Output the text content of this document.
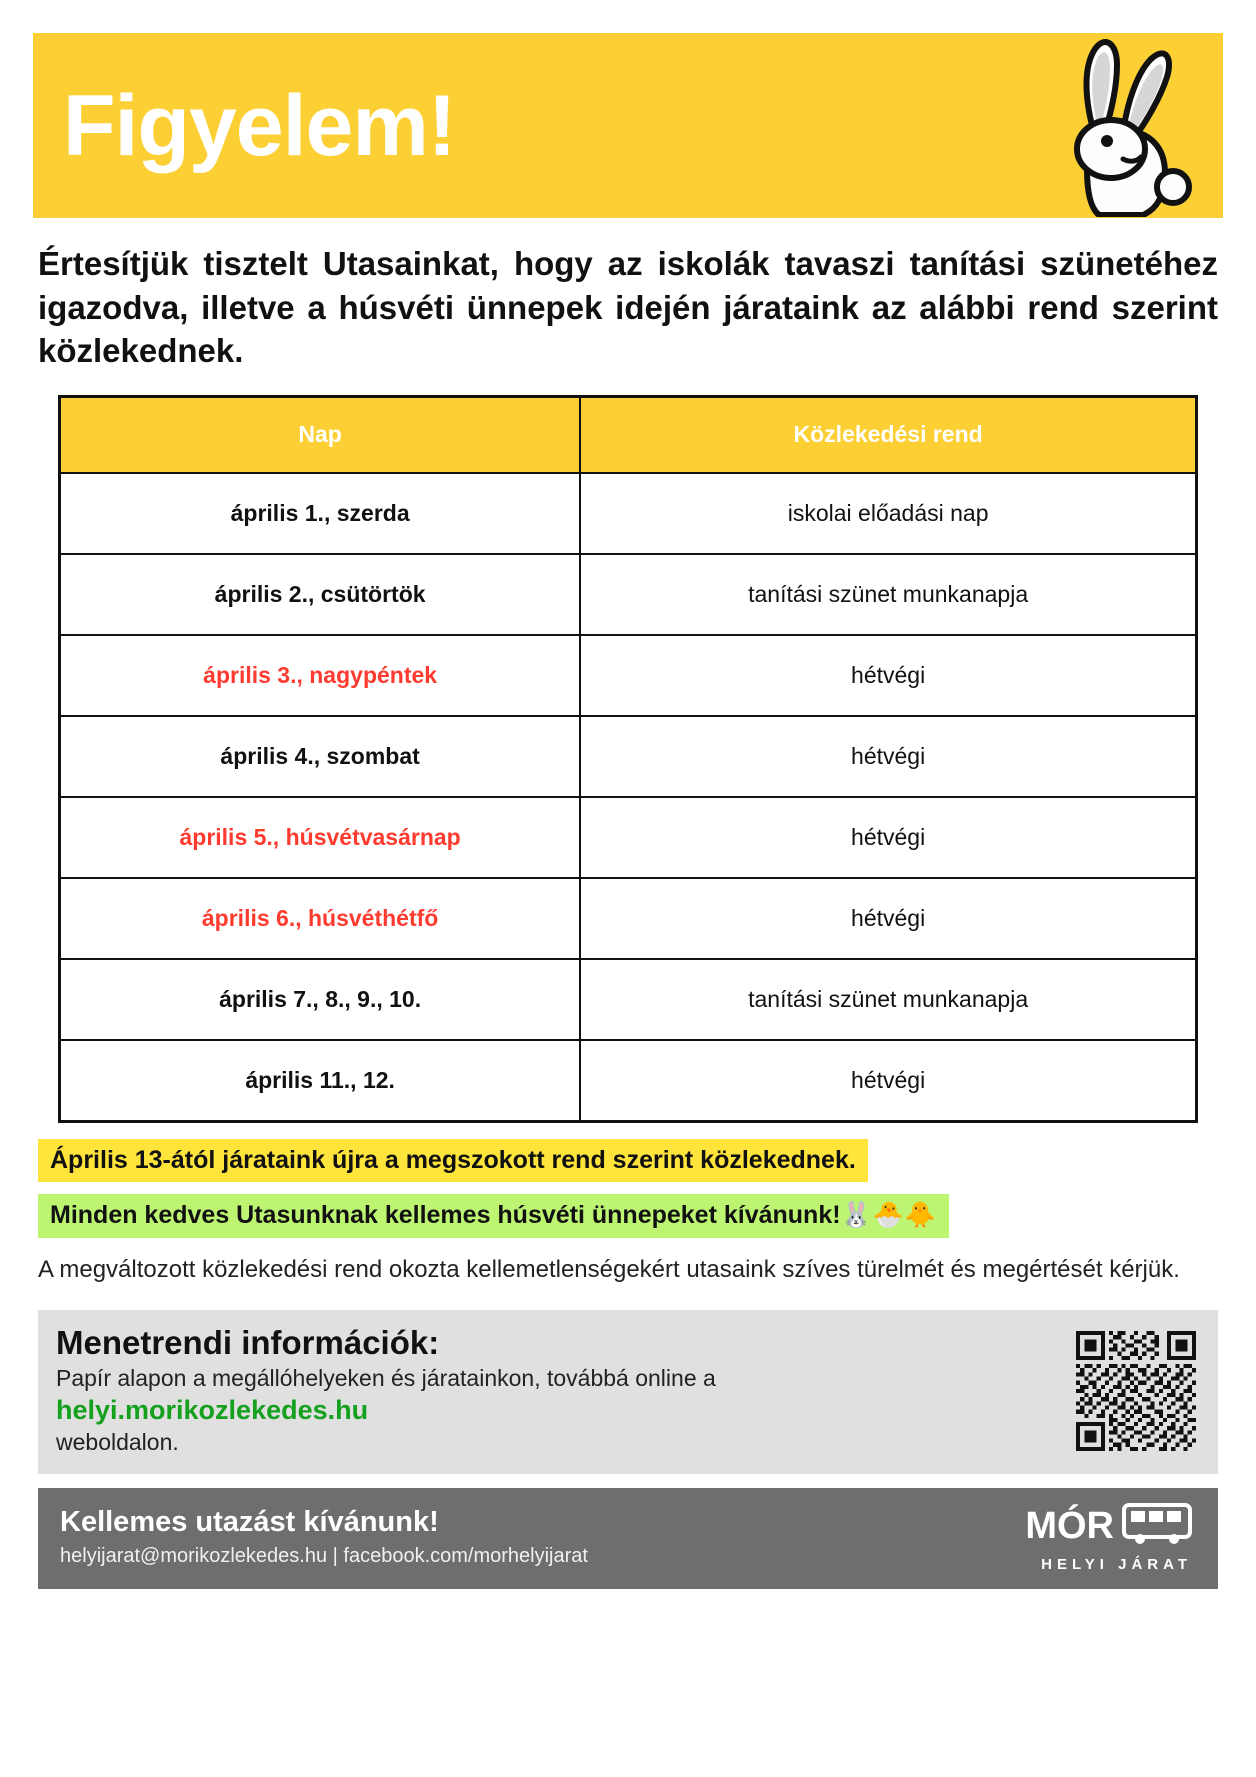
Figyelem!
Értesítjük tisztelt Utasainkat, hogy az iskolák tavaszi tanítási szünetéhez igazodva, illetve a húsvéti ünnepek idején járataink az alábbi rend szerint közlekednek.
Nap	Közlekedési rend
április 1., szerda	iskolai előadási nap
április 2., csütörtök	tanítási szünet munkanapja
április 3., nagypéntek	hétvégi
április 4., szombat	hétvégi
április 5., húsvétvasárnap	hétvégi
április 6., húsvéthétfő	hétvégi
április 7., 8., 9., 10.	tanítási szünet munkanapja
április 11., 12.	hétvégi
Április 13-ától járataink újra a megszokott rend szerint közlekednek.
Minden kedves Utasunknak kellemes húsvéti ünnepeket kívánunk!🐰🐣🐥
A megváltozott közlekedési rend okozta kellemetlenségekért utasaink szíves türelmét és megértését kérjük.
Menetrendi információk:
Papír alapon a megállóhelyeken és járatainkon, továbbá online a
helyi.morikozlekedes.hu
weboldalon.
Kellemes utazást kívánunk!
helyijarat@morikozlekedes.hu | facebook.com/morhelyijarat
MÓR
HELYI JÁRAT
